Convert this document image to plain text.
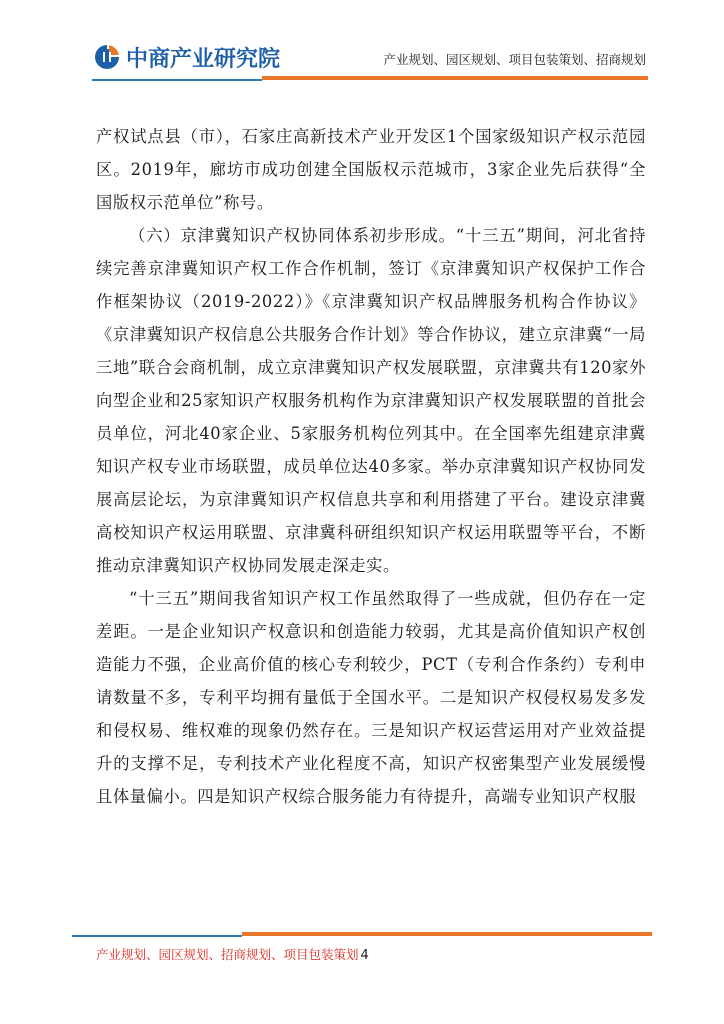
中商产业研究院	产业规划、园区规划、项目包装策划、招商规划

产权试点县（市），石家庄高新技术产业开发区1个国家级知识产权示范园区。2019年，廊坊市成功创建全国版权示范城市，3家企业先后获得“全国版权示范单位”称号。

（六）京津冀知识产权协同体系初步形成。“十三五”期间，河北省持续完善京津冀知识产权工作合作机制，签订《京津冀知识产权保护工作合作框架协议（2019-2022）》《京津冀知识产权品牌服务机构合作协议》《京津冀知识产权信息公共服务合作计划》等合作协议，建立京津冀“一局三地”联合会商机制，成立京津冀知识产权发展联盟，京津冀共有120家外向型企业和25家知识产权服务机构作为京津冀知识产权发展联盟的首批会员单位，河北40家企业、5家服务机构位列其中。在全国率先组建京津冀知识产权专业市场联盟，成员单位达40多家。举办京津冀知识产权协同发展高层论坛，为京津冀知识产权信息共享和利用搭建了平台。建设京津冀高校知识产权运用联盟、京津冀科研组织知识产权运用联盟等平台，不断推动京津冀知识产权协同发展走深走实。

“十三五”期间我省知识产权工作虽然取得了一些成就，但仍存在一定差距。一是企业知识产权意识和创造能力较弱，尤其是高价值知识产权创造能力不强，企业高价值的核心专利较少，PCT（专利合作条约）专利申请数量不多，专利平均拥有量低于全国水平。二是知识产权侵权易发多发和侵权易、维权难的现象仍然存在。三是知识产权运营运用对产业效益提升的支撑不足，专利技术产业化程度不高，知识产权密集型产业发展缓慢且体量偏小。四是知识产权综合服务能力有待提升，高端专业知识产权服

产业规划、园区规划、招商规划、项目包装策划 4
